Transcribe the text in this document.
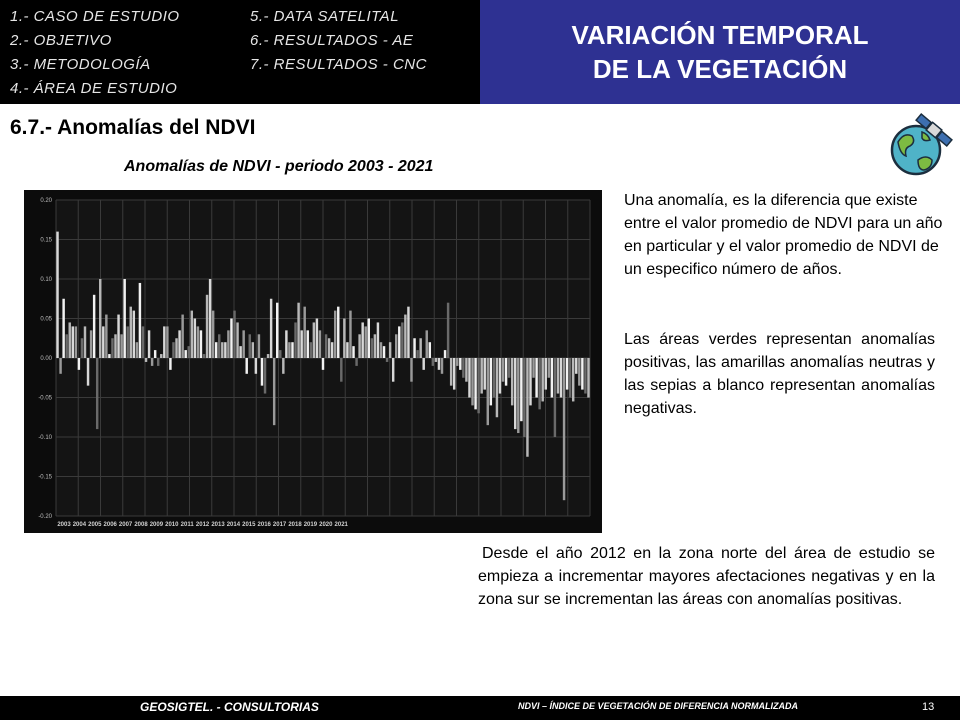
1.- CASO DE ESTUDIO
2.- OBJETIVO
3.- METODOLOGÍA
4.- ÁREA DE ESTUDIO
5.- DATA SATELITAL
6.- RESULTADOS - AE
7.- RESULTADOS - CNC
VARIACIÓN TEMPORAL
DE LA VEGETACIÓN
6.7.- Anomalías del NDVI
Anomalías de NDVI - periodo 2003 - 2021
0.20
0.15
0.10
0.05
0.00
-0.05
-0.10
-0.15
-0.20
2003 2004 2005 2006 2007 2008 2009 2010 2011 2012 2013 2014 2015 2016 2017 2018 2019 2020 2021
Una anomalía, es la diferencia que existe entre el valor promedio de NDVI para un año en particular y el valor promedio de NDVI de un especifico número de años.
Las áreas verdes representan anomalías positivas, las amarillas anomalías neutras y las sepias a blanco representan anomalías negativas.
Desde el año 2012 en la zona norte del área de estudio se empieza a incrementar mayores afectaciones negativas y en la zona sur se incrementan las áreas con anomalías positivas.
GEOSIGTEL. - CONSULTORIAS	NDVI – ÍNDICE DE VEGETACIÓN DE DIFERENCIA NORMALIZADA	13
